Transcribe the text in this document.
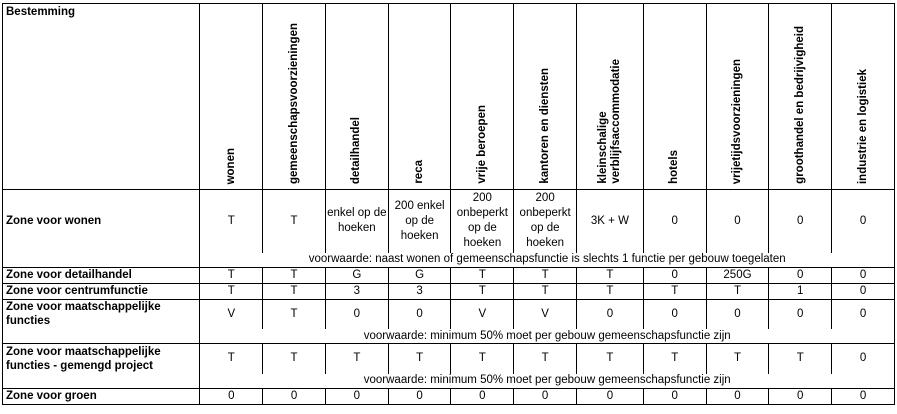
Bestemming	wonen	gemeenschapsvoorzieningen	detailhandel	reca	vrije beroepen	kantoren en diensten	kleinschalige
verblijfsaccommodatie	hotels	vrijetijdsvoorzieningen	groothandel en bedrijvigheid	industrie en logistiek
Zone voor wonen	T	T	enkel op de hoeken	200 enkel op de hoeken	200 onbeperkt op de hoeken	200 onbeperkt op de hoeken	3K + W	0	0	0	0
	voorwaarde: naast wonen of gemeenschapsfunctie is slechts 1 functie per gebouw toegelaten										
Zone voor detailhandel	T	T	G	G	T	T	T	0	250G	0	0
Zone voor centrumfunctie	T	T	3	3	T	T	T	T	T	1	0
Zone voor maatschappelijke functies	V	T	0	0	V	V	0	0	0	0	0
	voorwaarde: minimum 50% moet per gebouw gemeenschapsfunctie zijn										
Zone voor maatschappelijke functies - gemengd project	T	T	T	T	T	T	T	T	T	T	0
	voorwaarde: minimum 50% moet per gebouw gemeenschapsfunctie zijn										
Zone voor groen	0	0	0	0	0	0	0	0	0	0	0
